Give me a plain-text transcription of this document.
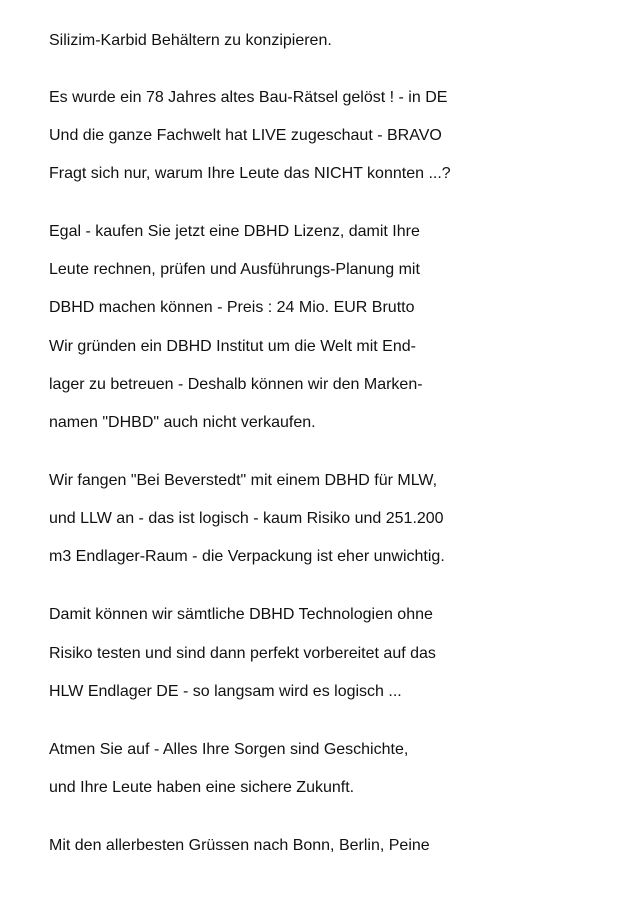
Silizim-Karbid Behältern zu konzipieren.
Es wurde ein 78 Jahres altes Bau-Rätsel gelöst ! - in DE
Und die ganze Fachwelt hat LIVE zugeschaut - BRAVO
Fragt sich nur, warum Ihre Leute das NICHT konnten ...?
Egal - kaufen Sie jetzt eine DBHD Lizenz, damit Ihre
Leute rechnen, prüfen und Ausführungs-Planung mit
DBHD machen können - Preis : 24 Mio. EUR Brutto
Wir gründen ein DBHD Institut um die Welt mit End-
lager zu betreuen - Deshalb können wir den Marken-
namen "DHBD" auch nicht verkaufen.
Wir fangen "Bei Beverstedt" mit einem DBHD für MLW,
und LLW an - das ist logisch - kaum Risiko und 251.200
m3 Endlager-Raum - die Verpackung ist eher unwichtig.
Damit können wir sämtliche DBHD Technologien ohne
Risiko testen und sind dann perfekt vorbereitet auf das
HLW Endlager DE - so langsam wird es logisch ...
Atmen Sie auf - Alles Ihre Sorgen sind Geschichte,
und Ihre Leute haben eine sichere Zukunft.
Mit den allerbesten Grüssen nach Bonn, Berlin, Peine
